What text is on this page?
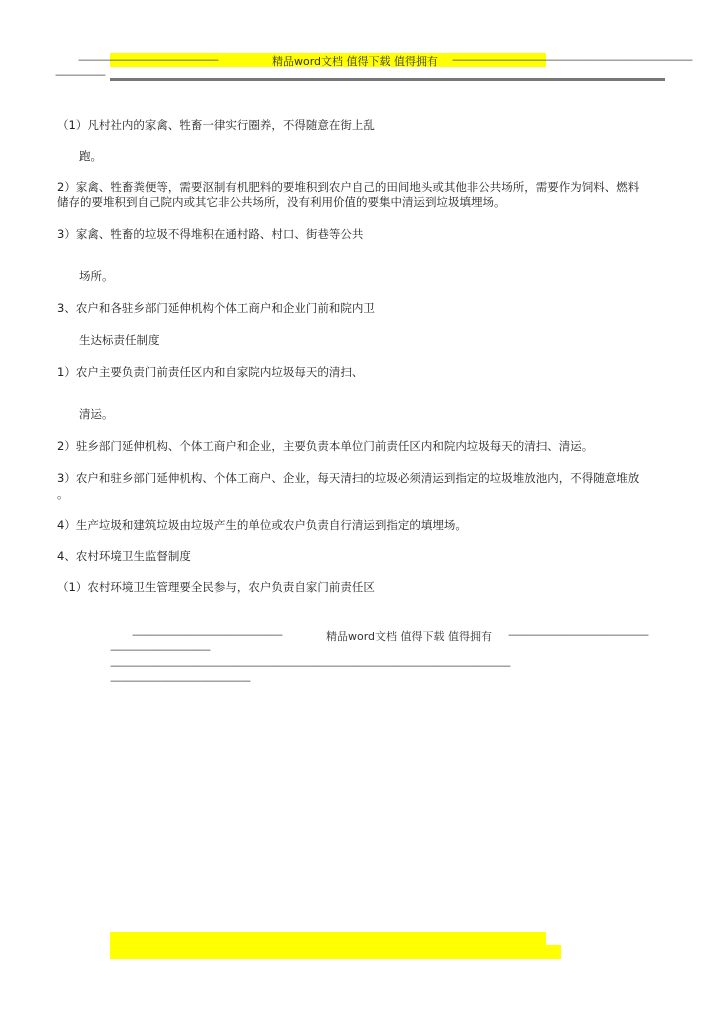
——————————————	精品word文档 值得下载 值得拥有 ————————————————————————
—————
（1）凡村社内的家禽、牲畜一律实行圈养，不得随意在街上乱
跑。
2）家禽、牲畜粪便等，需要沤制有机肥料的要堆积到农户自己的田间地头或其他非公共场所，需要作为饲料、燃料
储存的要堆积到自己院内或其它非公共场所，没有利用价值的要集中清运到垃圾填埋场。
3）家禽、牲畜的垃圾不得堆积在通村路、村口、街巷等公共
场所。
3、农户和各驻乡部门延伸机构个体工商户和企业门前和院内卫
生达标责任制度
1）农户主要负责门前责任区内和自家院内垃圾每天的清扫、
清运。
2）驻乡部门延伸机构、个体工商户和企业，主要负责本单位门前责任区内和院内垃圾每天的清扫、清运。
3）农户和驻乡部门延伸机构、个体工商户、企业，每天清扫的垃圾必须清运到指定的垃圾堆放池内，不得随意堆放
。
4）生产垃圾和建筑垃圾由垃圾产生的单位或农户负责自行清运到指定的填埋场。
4、农村环境卫生监督制度
（1）农村环境卫生管理要全民参与，农户负责自家门前责任区
———————————————	精品word文档 值得下载 值得拥有 ——————————————
——————————
————————————————————————————————————————
——————————————
